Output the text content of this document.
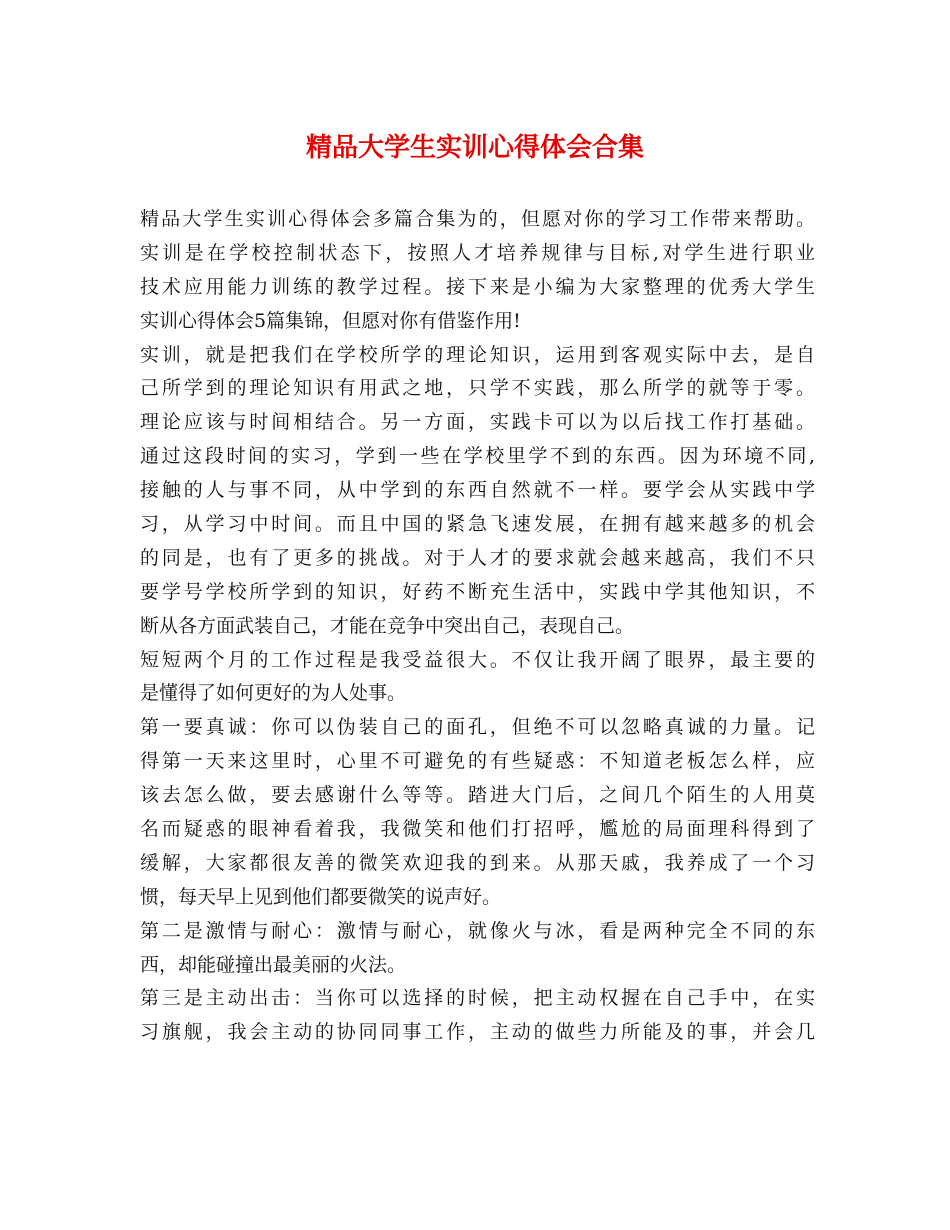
精品大学生实训心得体会合集
精品大学生实训心得体会多篇合集为的，但愿对你的学习工作带来帮助。
实训是在学校控制状态下，按照人才培养规律与目标,对学生进行职业
技术应用能力训练的教学过程。接下来是小编为大家整理的优秀大学生
实训心得体会5篇集锦，但愿对你有借鉴作用!
实训，就是把我们在学校所学的理论知识，运用到客观实际中去，是自
己所学到的理论知识有用武之地，只学不实践，那么所学的就等于零。
理论应该与时间相结合。另一方面，实践卡可以为以后找工作打基础。
通过这段时间的实习，学到一些在学校里学不到的东西。因为环境不同,
接触的人与事不同，从中学到的东西自然就不一样。要学会从实践中学
习，从学习中时间。而且中国的紧急飞速发展，在拥有越来越多的机会
的同是，也有了更多的挑战。对于人才的要求就会越来越高，我们不只
要学号学校所学到的知识，好药不断充生活中，实践中学其他知识，不
断从各方面武装自己，才能在竞争中突出自己，表现自己。
短短两个月的工作过程是我受益很大。不仅让我开阔了眼界，最主要的
是懂得了如何更好的为人处事。
第一要真诚：你可以伪装自己的面孔，但绝不可以忽略真诚的力量。记
得第一天来这里时，心里不可避免的有些疑惑：不知道老板怎么样，应
该去怎么做，要去感谢什么等等。踏进大门后，之间几个陌生的人用莫
名而疑惑的眼神看着我，我微笑和他们打招呼，尷尬的局面理科得到了
缓解，大家都很友善的微笑欢迎我的到来。从那天戚，我养成了一个习
惯，每天早上见到他们都要微笑的说声好。
第二是激情与耐心：激情与耐心，就像火与冰，看是两种完全不同的东
西，却能碰撞出最美丽的火法。
第三是主动出击：当你可以选择的时候，把主动权握在自己手中，在实
习旗舰，我会主动的协同同事工作，主动的做些力所能及的事，并会几
